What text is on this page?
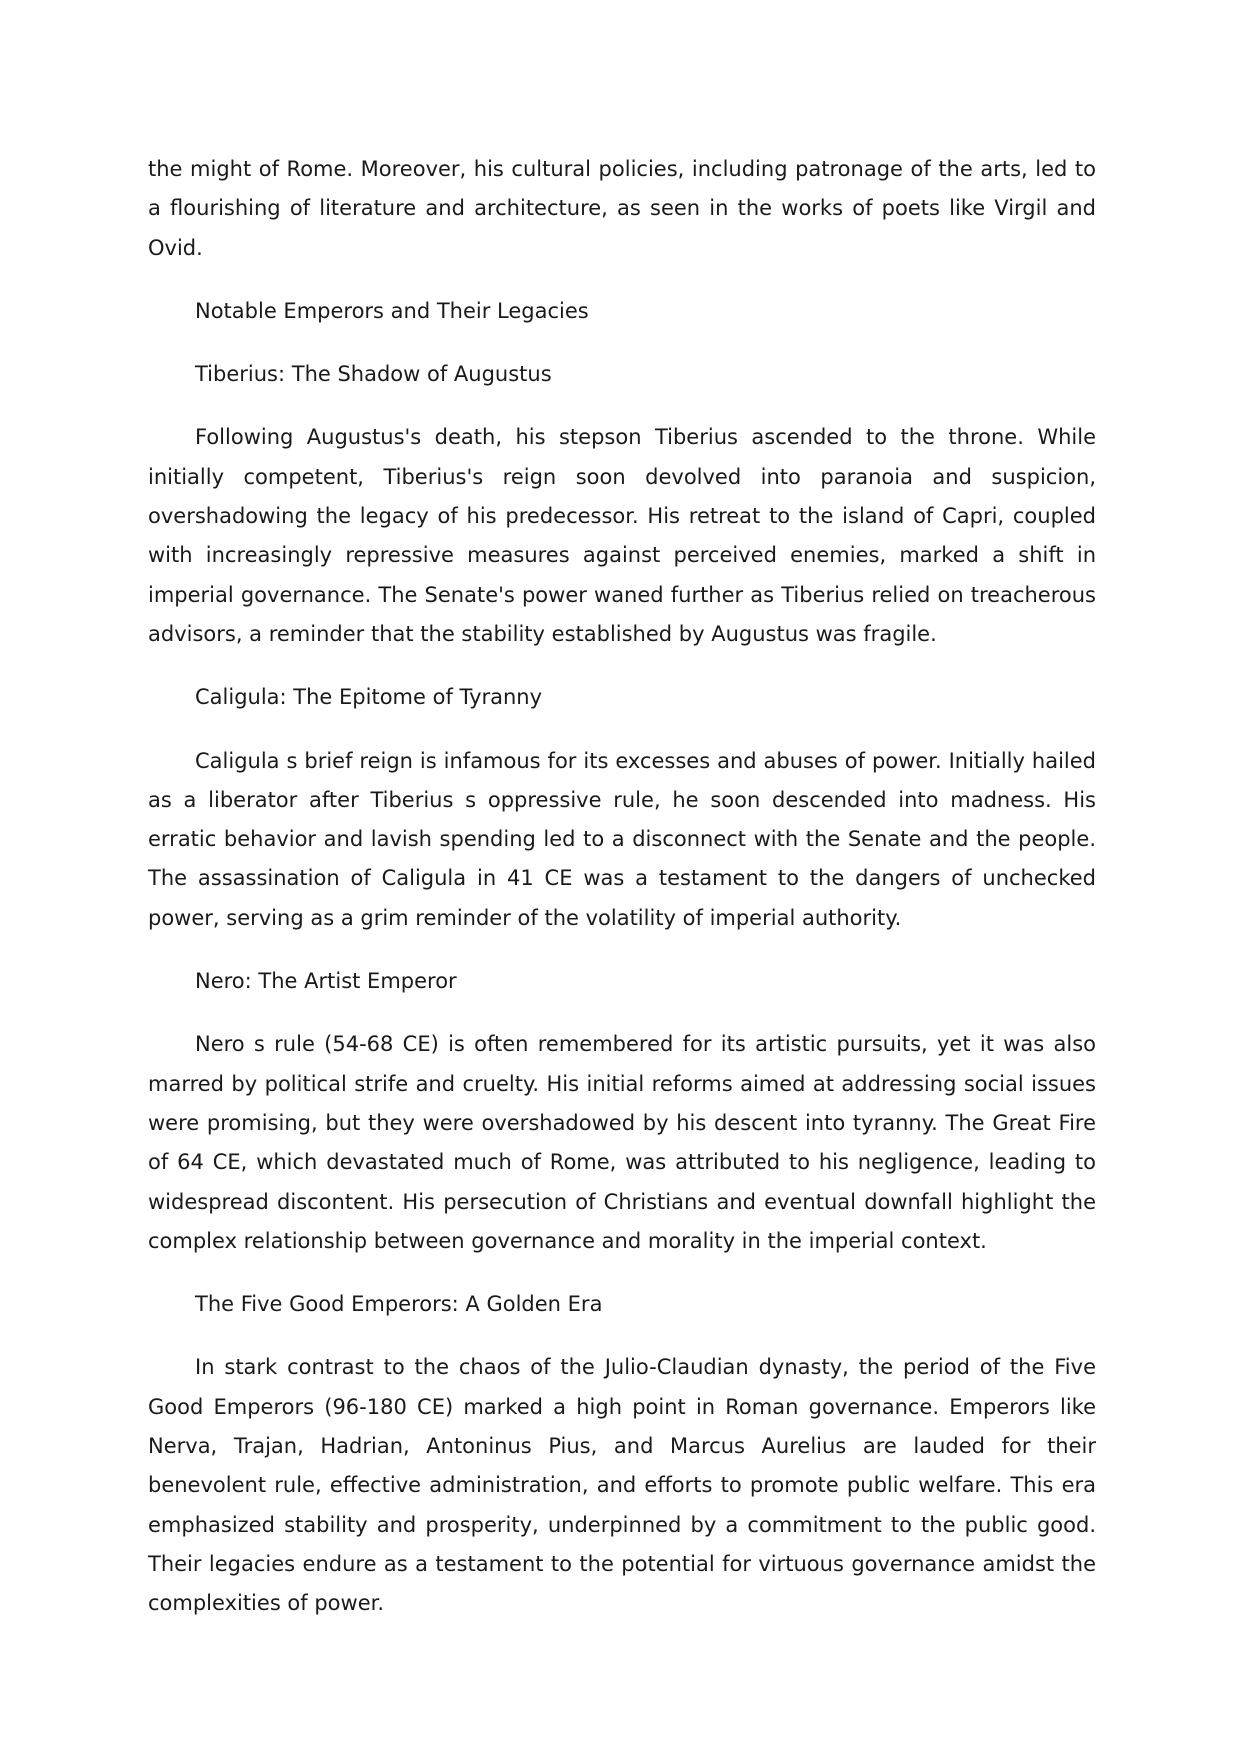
the might of Rome. Moreover, his cultural policies, including patronage of the arts, led to a flourishing of literature and architecture, as seen in the works of poets like Virgil and Ovid.

Notable Emperors and Their Legacies

Tiberius: The Shadow of Augustus

Following Augustus's death, his stepson Tiberius ascended to the throne. While initially competent, Tiberius's reign soon devolved into paranoia and suspicion, overshadowing the legacy of his predecessor. His retreat to the island of Capri, coupled with increasingly repressive measures against perceived enemies, marked a shift in imperial governance. The Senate's power waned further as Tiberius relied on treacherous advisors, a reminder that the stability established by Augustus was fragile.

Caligula: The Epitome of Tyranny

Caligula s brief reign is infamous for its excesses and abuses of power. Initially hailed as a liberator after Tiberius s oppressive rule, he soon descended into madness. His erratic behavior and lavish spending led to a disconnect with the Senate and the people. The assassination of Caligula in 41 CE was a testament to the dangers of unchecked power, serving as a grim reminder of the volatility of imperial authority.

Nero: The Artist Emperor

Nero s rule (54-68 CE) is often remembered for its artistic pursuits, yet it was also marred by political strife and cruelty. His initial reforms aimed at addressing social issues were promising, but they were overshadowed by his descent into tyranny. The Great Fire of 64 CE, which devastated much of Rome, was attributed to his negligence, leading to widespread discontent. His persecution of Christians and eventual downfall highlight the complex relationship between governance and morality in the imperial context.

The Five Good Emperors: A Golden Era

In stark contrast to the chaos of the Julio-Claudian dynasty, the period of the Five Good Emperors (96-180 CE) marked a high point in Roman governance. Emperors like Nerva, Trajan, Hadrian, Antoninus Pius, and Marcus Aurelius are lauded for their benevolent rule, effective administration, and efforts to promote public welfare. This era emphasized stability and prosperity, underpinned by a commitment to the public good. Their legacies endure as a testament to the potential for virtuous governance amidst the complexities of power.
